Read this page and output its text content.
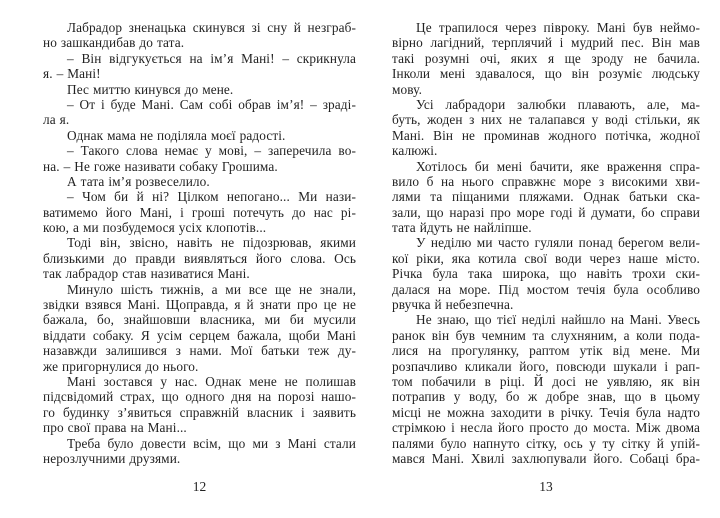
Лабрадор зненацька скинувся зі сну й незграб-
но зашкандибав до тата.
– Він відгукується на ім’я Мані! – скрикнула
я. – Мані!
Пес миттю кинувся до мене.
– От і буде Мані. Сам собі обрав ім’я! – зраді-
ла я.
Однак мама не поділяла моєї радості.
– Такого слова немає у мові, – заперечила во-
на. – Не гоже називати собаку Грошима.
А тата ім’я розвеселило.
– Чом би й ні? Цілком непогано... Ми нази-
ватимемо його Мані, і гроші потечуть до нас рі-
кою, а ми позбудемося усіх клопотів...
Тоді він, звісно, навіть не підозрював, якими
близькими до правди виявляться його слова. Ось
так лабрадор став називатися Мані.
Минуло шість тижнів, а ми все ще не знали,
звідки взявся Мані. Щоправда, я й знати про це не
бажала, бо, знайшовши власника, ми би мусили
віддати собаку. Я усім серцем бажала, щоби Мані
назавжди залишився з нами. Мої батьки теж ду-
же пригорнулися до нього.
Мані зостався у нас. Однак мене не полишав
підсвідомий страх, що одного дня на порозі нашо-
го будинку з’явиться справжній власник і заявить
про свої права на Мані...
Треба було довести всім, що ми з Мані стали
нерозлучними друзями.
12
Це трапилося через півроку. Мані був неймо-
вірно лагідний, терплячий і мудрий пес. Він мав
такі розумні очі, яких я ще зроду не бачила.
Інколи мені здавалося, що він розуміє людську
мову.
Усі лабрадори залюбки плавають, але, ма-
буть, жоден з них не талапався у воді стільки, як
Мані. Він не проминав жодного потічка, жодної
калюжі.
Хотілось би мені бачити, яке враження спра-
вило б на нього справжнє море з високими хви-
лями та піщаними пляжами. Однак батьки ска-
зали, що наразі про море годі й думати, бо справи
тата йдуть не найліпше.
У неділю ми часто гуляли понад берегом вели-
кої ріки, яка котила свої води через наше місто.
Річка була така широка, що навіть трохи ски-
далася на море. Під мостом течія була особливо
рвучка й небезпечна.
Не знаю, що тієї неділі найшло на Мані. Увесь
ранок він був чемним та слухняним, а коли пода-
лися на прогулянку, раптом утік від мене. Ми
розпачливо кликали його, повсюди шукали і рап-
том побачили в ріці. Й досі не уявляю, як він
потрапив у воду, бо ж добре знав, що в цьому
місці не можна заходити в річку. Течія була надто
стрімкою і несла його просто до моста. Між двома
палями було напнуто сітку, ось у ту сітку й упій-
мався Мані. Хвилі захлюпували його. Собаці бра-
13
